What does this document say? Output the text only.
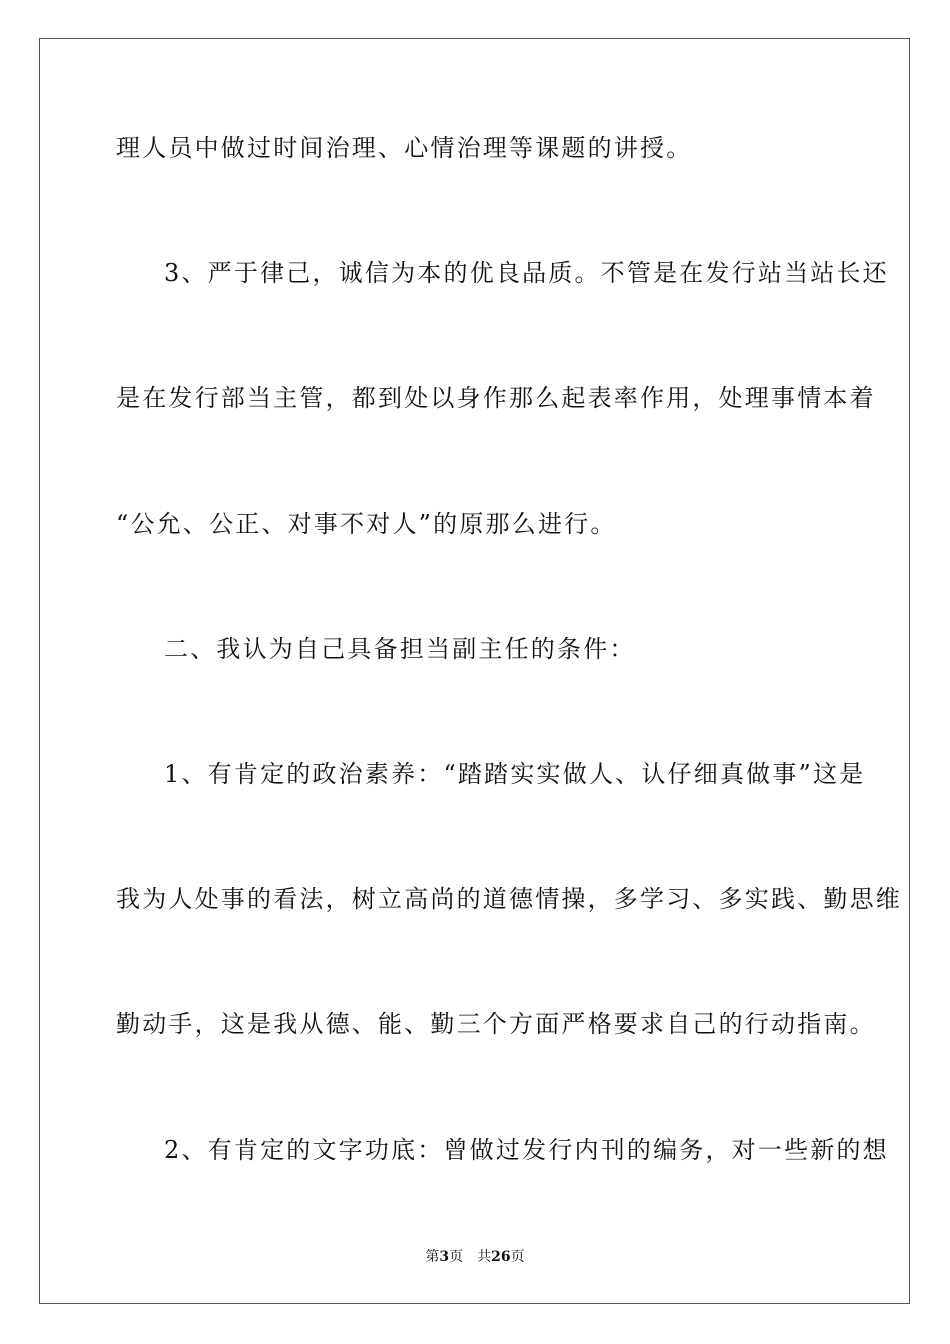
理人员中做过时间治理、心情治理等课题的讲授。
3、严于律己，诚信为本的优良品质。不管是在发行站当站长还
是在发行部当主管，都到处以身作那么起表率作用，处理事情本着
“公允、公正、对事不对人”的原那么进行。
二、我认为自己具备担当副主任的条件：
1、有肯定的政治素养：“踏踏实实做人、认仔细真做事”这是
我为人处事的看法，树立高尚的道德情操，多学习、多实践、勤思维
勤动手，这是我从德、能、勤三个方面严格要求自己的行动指南。
2、有肯定的文字功底：曾做过发行内刊的编务，对一些新的想
第3页 共26页
